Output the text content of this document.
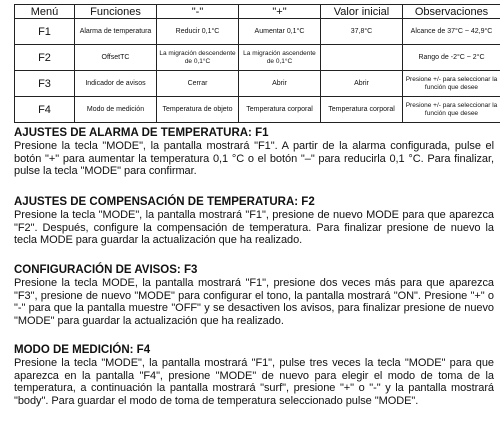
Menú	Funciones	"-"	"+"	Valor inicial	Observaciones
F1	Alarma de temperatura	Reducir 0,1°C	Aumentar 0,1°C	37,8°C	Alcance de 37°C ~ 42,9°C
F2	OffsetTC	La migración descendente de 0,1°C	La migración ascendente de 0,1°C		Rango de -2°C ~ 2°C
F3	Indicador de avisos	Cerrar	Abrir	Abrir	Presione +/- para seleccionar la función que desee
F4	Modo de medición	Temperatura de objeto	Temperatura corporal	Temperatura corporal	Presione +/- para seleccionar la función que desee

AJUSTES DE ALARMA DE TEMPERATURA: F1

Presione la tecla "MODE", la pantalla mostrará "F1". A partir de la alarma configurada, pulse el botón "+" para aumentar la temperatura 0,1 °C o el botón "–" para reducirla 0,1 °C. Para finalizar, pulse la tecla "MODE" para confirmar.

AJUSTES DE COMPENSACIÓN DE TEMPERATURA: F2

Presione la tecla "MODE", la pantalla mostrará "F1", presione de nuevo MODE para que aparezca "F2". Después, configure la compensación de temperatura. Para finalizar presione de nuevo la tecla MODE para guardar la actualización que ha realizado.

CONFIGURACIÓN DE AVISOS: F3

Presione la tecla MODE, la pantalla mostrará "F1", presione dos veces más para que aparezca "F3", presione de nuevo "MODE" para configurar el tono, la pantalla mostrará "ON". Presione "+" o "-" para que la pantalla muestre "OFF" y se desactiven los avisos, para finalizar presione de nuevo "MODE" para guardar la actualización que ha realizado.

MODO DE MEDICIÓN: F4

Presione la tecla "MODE", la pantalla mostrará "F1", pulse tres veces la tecla "MODE" para que aparezca en la pantalla "F4", presione "MODE" de nuevo para elegir el modo de toma de la temperatura, a continuación la pantalla mostrará "surf", presione "+" o "-" y la pantalla mostrará "body". Para guardar el modo de toma de temperatura seleccionado pulse "MODE".
